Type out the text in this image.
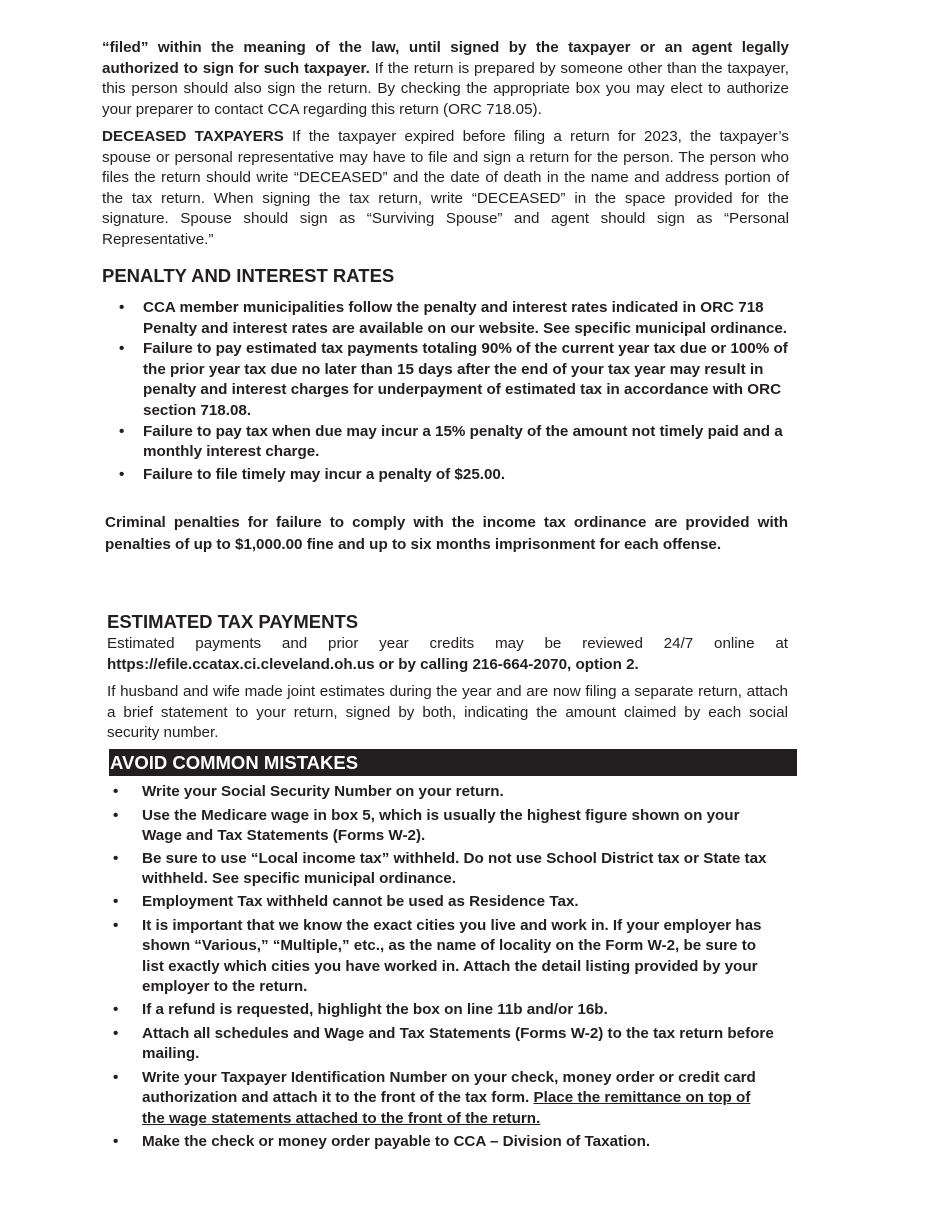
“filed” within the meaning of the law, until signed by the taxpayer or an agent legally authorized to sign for such taxpayer. If the return is prepared by someone other than the taxpayer, this person should also sign the return. By checking the appropriate box you may elect to authorize your preparer to contact CCA regarding this return (ORC 718.05).

DECEASED TAXPAYERS If the taxpayer expired before filing a return for 2023, the taxpayer’s spouse or personal representative may have to file and sign a return for the person. The person who files the return should write “DECEASED” and the date of death in the name and address portion of the tax return. When signing the tax return, write “DECEASED” in the space provided for the signature. Spouse should sign as “Surviving Spouse” and agent should sign as “Personal Representative.”

PENALTY AND INTEREST RATES
• CCA member municipalities follow the penalty and interest rates indicated in ORC 718 Penalty and interest rates are available on our website. See specific municipal ordinance.
• Failure to pay estimated tax payments totaling 90% of the current year tax due or 100% of the prior year tax due no later than 15 days after the end of your tax year may result in penalty and interest charges for underpayment of estimated tax in accordance with ORC section 718.08.
• Failure to pay tax when due may incur a 15% penalty of the amount not timely paid and a monthly interest charge.
• Failure to file timely may incur a penalty of $25.00.

Criminal penalties for failure to comply with the income tax ordinance are provided with penalties of up to $1,000.00 fine and up to six months imprisonment for each offense.

ESTIMATED TAX PAYMENTS

Estimated payments and prior year credits may be reviewed 24/7 online at https://efile.ccatax.ci.cleveland.oh.us or by calling 216-664-2070, option 2.

If husband and wife made joint estimates during the year and are now filing a separate return, attach a brief statement to your return, signed by both, indicating the amount claimed by each social security number.

AVOID COMMON MISTAKES
• Write your Social Security Number on your return.
• Use the Medicare wage in box 5, which is usually the highest figure shown on your Wage and Tax Statements (Forms W-2).
• Be sure to use “Local income tax” withheld. Do not use School District tax or State tax withheld. See specific municipal ordinance.
• Employment Tax withheld cannot be used as Residence Tax.
• It is important that we know the exact cities you live and work in. If your employer has shown “Various,” “Multiple,” etc., as the name of locality on the Form W-2, be sure to list exactly which cities you have worked in. Attach the detail listing provided by your employer to the return.
• If a refund is requested, highlight the box on line 11b and/or 16b.
• Attach all schedules and Wage and Tax Statements (Forms W-2) to the tax return before mailing.
• Write your Taxpayer Identification Number on your check, money order or credit card authorization and attach it to the front of the tax form. Place the remittance on top of the wage statements attached to the front of the return.
• Make the check or money order payable to CCA – Division of Taxation.
